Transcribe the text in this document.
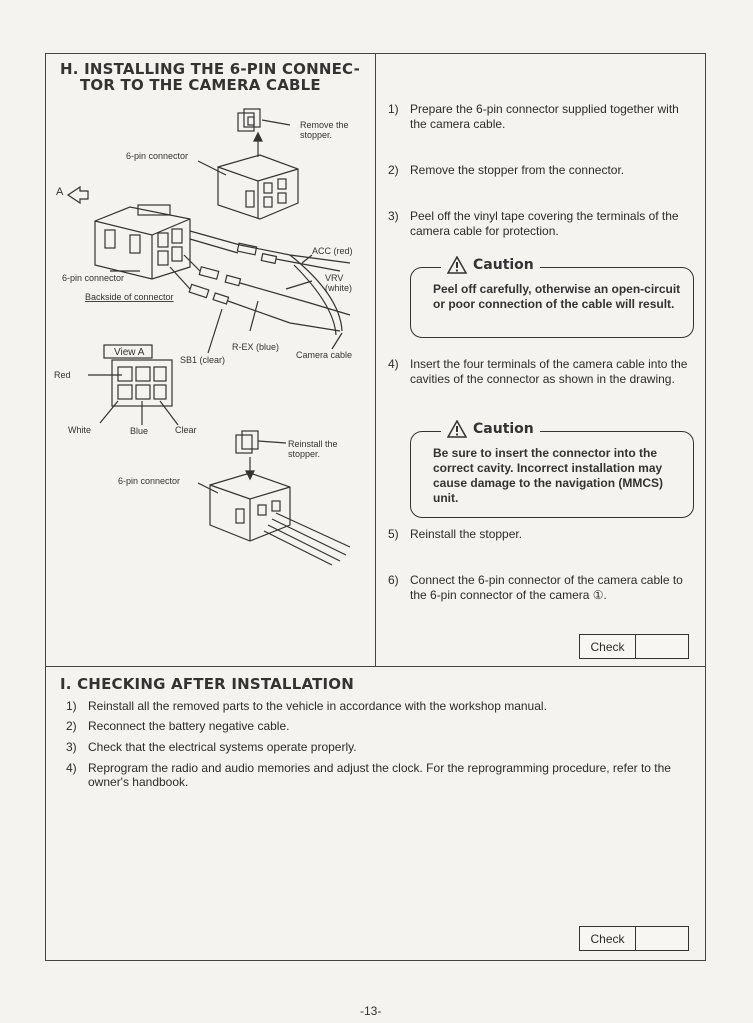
H. INSTALLING THE 6-PIN CONNEC-
TOR TO THE CAMERA CABLE
Remove the stopper.
6-pin connector
A
ACC (red)
VRV (white)
6-pin connector
Backside of connector
R-EX (blue)
SB1 (clear)	Camera cable
View A
Red
White	Blue	Clear
Reinstall the stopper.
6-pin connector
1) Prepare the 6-pin connector supplied together with the camera cable.
2) Remove the stopper from the connector.
3) Peel off the vinyl tape covering the terminals of the camera cable for protection.
Caution
Peel off carefully, otherwise an open-circuit or poor connection of the cable will result.
4) Insert the four terminals of the camera cable into the cavities of the connector as shown in the drawing.
Caution
Be sure to insert the connector into the correct cavity. Incorrect installation may cause damage to the navigation (MMCS) unit.
5) Reinstall the stopper.
6) Connect the 6-pin connector of the camera cable to the 6-pin connector of the camera ①.
Check
I. CHECKING AFTER INSTALLATION
1) Reinstall all the removed parts to the vehicle in accordance with the workshop manual.
2) Reconnect the battery negative cable.
3) Check that the electrical systems operate properly.
4) Reprogram the radio and audio memories and adjust the clock. For the reprogramming procedure, refer to the owner's handbook.
Check
-13-
